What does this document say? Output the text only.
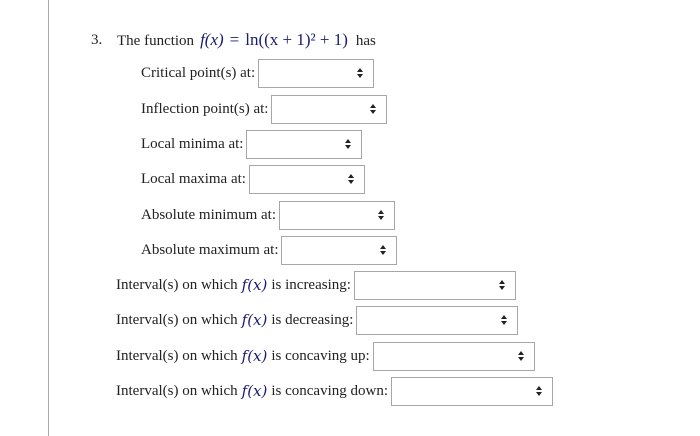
3. The function f(x) = ln((x + 1)² + 1) has
Critical point(s) at:
Inflection point(s) at:
Local minima at:
Local maxima at:
Absolute minimum at:
Absolute maximum at:
Interval(s) on which f(x) is increasing:
Interval(s) on which f(x) is decreasing:
Interval(s) on which f(x) is concaving up:
Interval(s) on which f(x) is concaving down:
